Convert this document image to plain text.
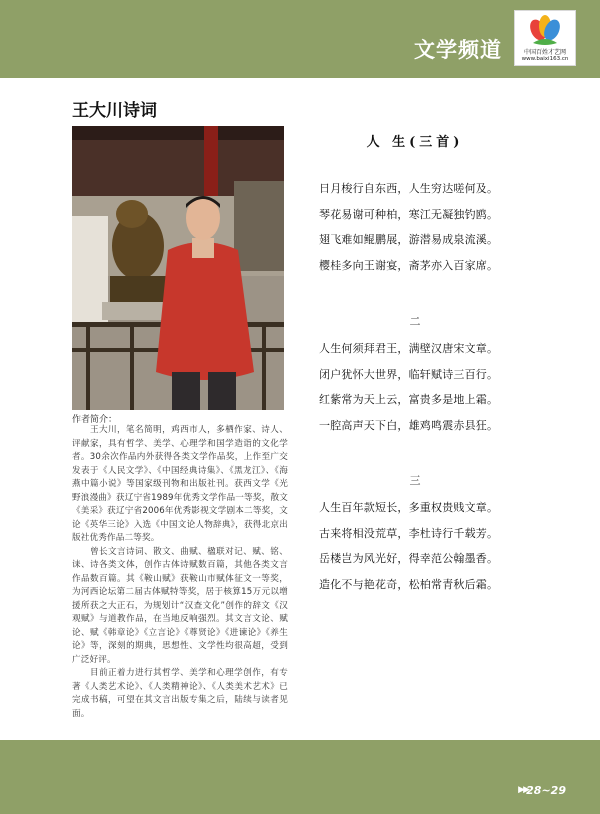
文学频道	中国百姓才艺网
www.baixi163.cn
王大川诗词
作者简介：

王大川，笔名简明，鸡西市人，多栖作家、诗人、评献家，具有哲学、美学、心理学和国学造诣的文化学者。30余次作品内外获得各类文学作品奖，上作至广交发表于《人民文学》、《中国经典诗集》、《黑龙江》、《海燕中篇小说》等国家级刊物和出版社刊。获西文学《光野浪漫曲》获辽宁省1989年优秀文学作品一等奖，散文《美采》获辽宁省2006年优秀影视文学剧本二等奖，文论《英华三论》入选《中国文论人物辞典》，获得北京出版社优秀作品二等奖。

曾长文言诗词、散文、曲赋、楹联对记、赋、铭、诔、诗各类文体，创作古体诗赋数百篇，其他各类文言作品数百篇。其《鞍山赋》获鞍山市赋体征文一等奖，为河西论坛第二届古体赋特等奖，居于核算15万元以增援所获之大正石，为规划计“汉查文化”创作的辞文《汉观赋》与道教作品，在当地反响强烈。其文言文论、赋论、赋《韩章论》《立言论》《尊贤论》《进谏论》《养生论》等，深刻的期典，思想性、文学性均很高超，受到广泛好评。

目前正着力进行其哲学、美学和心理学创作，有专著《人类艺术论》、《人类精神论》、《人类美术艺术》已完成书稿，可望在其文言出版专集之后，陆续与读者见面。

人 生(三首)
日月梭行自东西，人生穷达嗟何及。
琴花易谢可种柏，寒江无凝独钓鸥。
翅飞难如鲲鹏展，游潜易成泉流溪。
樱桂多向王谢宴，斋茅亦入百家席。
二
人生何须拜君王，满壁汉唐宋文章。
闭户犹怀大世界，临轩赋诗三百行。
红紫常为天上云，富贵多是地上霜。
一腔高声天下白，雄鸡鸣震赤县狂。
三
人生百年款短长，多重权贵贱文章。
古来将相没荒草，李杜诗行千载芳。
岳楼岂为风光好，得幸范公翰墨香。
造化不与艳花奇，松柏常青秋后霜。
▶▶
28~29
